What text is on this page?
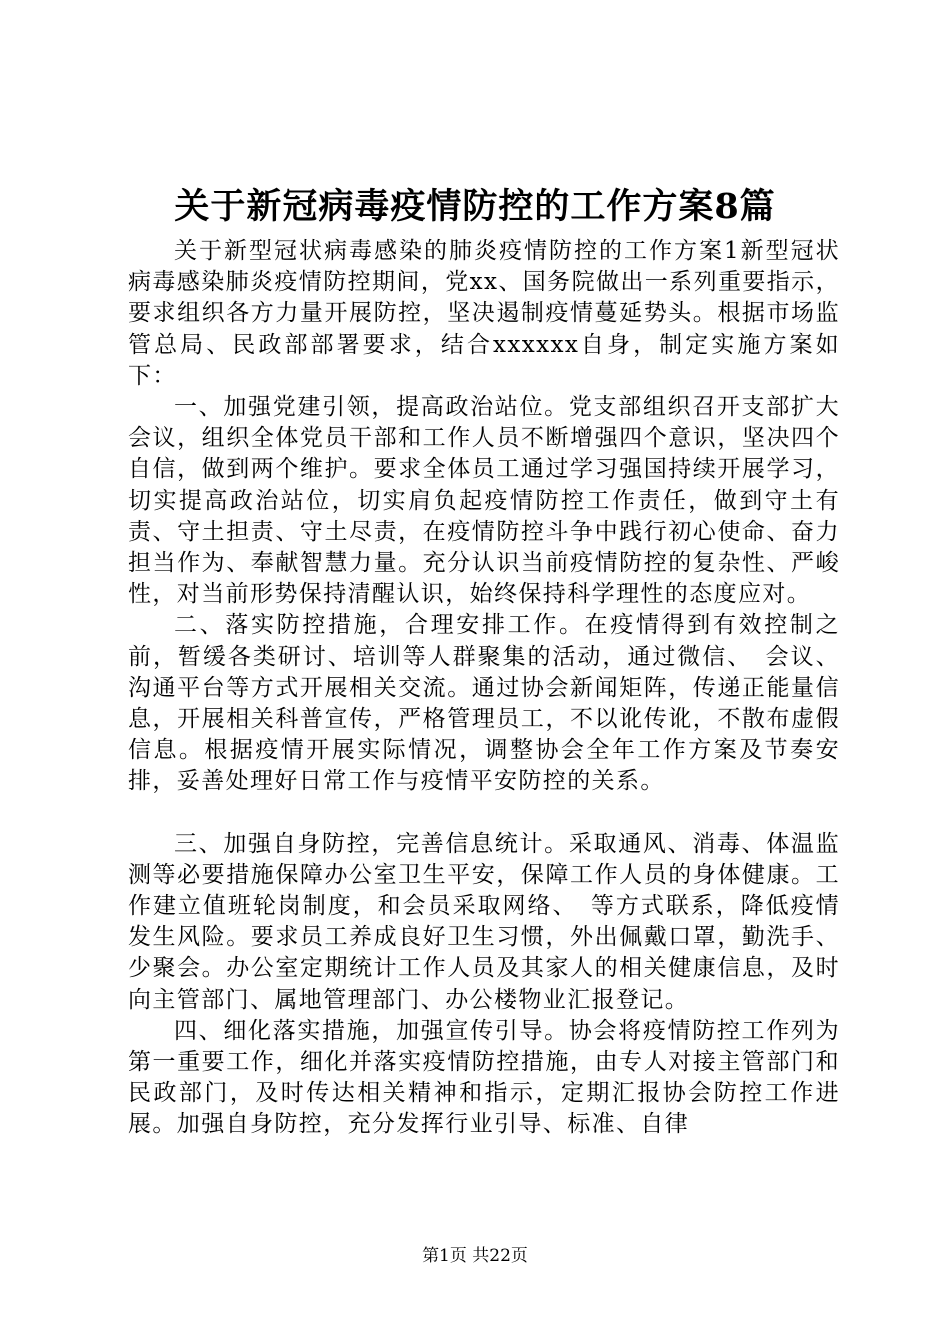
关于新冠病毒疫情防控的工作方案8篇

关于新型冠状病毒感染的肺炎疫情防控的工作方案1新型冠状病毒感染肺炎疫情防控期间，党xx、国务院做出一系列重要指示，要求组织各方力量开展防控，坚决遏制疫情蔓延势头。根据市场监管总局、民政部部署要求，结合xxxxxx自身，制定实施方案如下：

一、加强党建引领，提高政治站位。党支部组织召开支部扩大会议，组织全体党员干部和工作人员不断增强四个意识，坚决四个自信，做到两个维护。要求全体员工通过学习强国持续开展学习，切实提高政治站位，切实肩负起疫情防控工作责任，做到守土有责、守土担责、守土尽责，在疫情防控斗争中践行初心使命、奋力担当作为、奉献智慧力量。充分认识当前疫情防控的复杂性、严峻性，对当前形势保持清醒认识，始终保持科学理性的态度应对。

二、落实防控措施，合理安排工作。在疫情得到有效控制之前，暂缓各类研讨、培训等人群聚集的活动，通过微信、　会议、沟通平台等方式开展相关交流。通过协会新闻矩阵，传递正能量信息，开展相关科普宣传，严格管理员工，不以讹传讹，不散布虚假信息。根据疫情开展实际情况，调整协会全年工作方案及节奏安排，妥善处理好日常工作与疫情平安防控的关系。

三、加强自身防控，完善信息统计。采取通风、消毒、体温监测等必要措施保障办公室卫生平安，保障工作人员的身体健康。工作建立值班轮岗制度，和会员采取网络、　等方式联系，降低疫情发生风险。要求员工养成良好卫生习惯，外出佩戴口罩，勤洗手、少聚会。办公室定期统计工作人员及其家人的相关健康信息，及时向主管部门、属地管理部门、办公楼物业汇报登记。

四、细化落实措施，加强宣传引导。协会将疫情防控工作列为第一重要工作，细化并落实疫情防控措施，由专人对接主管部门和民政部门，及时传达相关精神和指示，定期汇报协会防控工作进展。加强自身防控，充分发挥行业引导、标准、自律

第1页 共22页
